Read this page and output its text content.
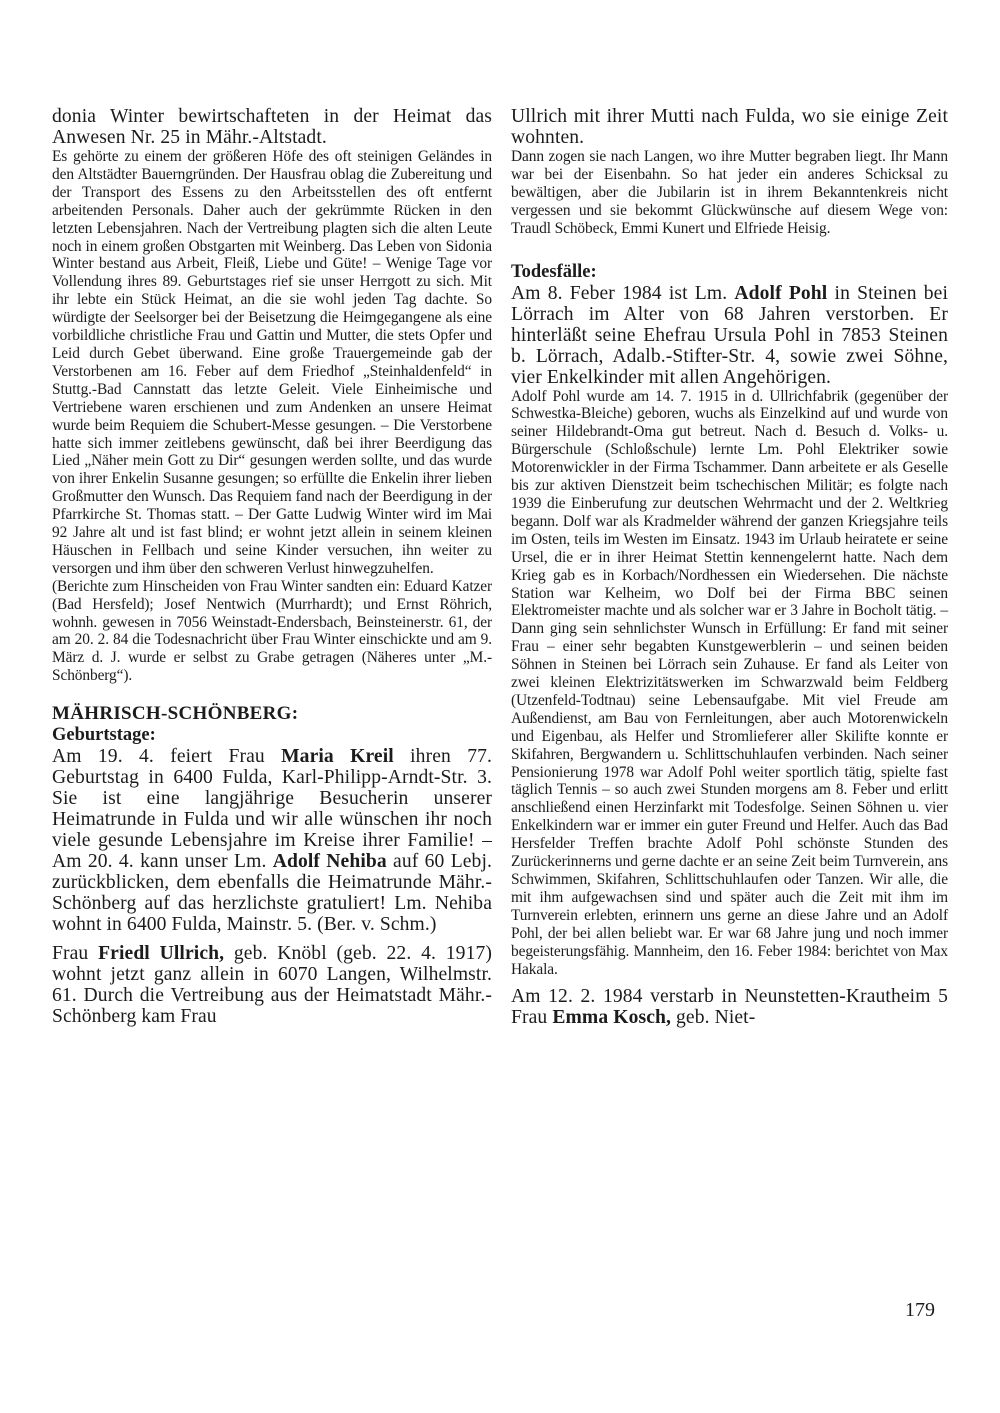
donia Winter bewirtschafteten in der Heimat das Anwesen Nr. 25 in Mähr.-Altstadt.

Es gehörte zu einem der größeren Höfe des oft steinigen Geländes in den Altstädter Bauerngründen. Der Hausfrau oblag die Zubereitung und der Transport des Essens zu den Arbeitsstellen des oft entfernt arbeitenden Personals. Daher auch der gekrümmte Rücken in den letzten Lebensjahren. Nach der Vertreibung plagten sich die alten Leute noch in einem großen Obstgarten mit Weinberg. Das Leben von Sidonia Winter bestand aus Arbeit, Fleiß, Liebe und Güte! – Wenige Tage vor Vollendung ihres 89. Geburtstages rief sie unser Herrgott zu sich. Mit ihr lebte ein Stück Heimat, an die sie wohl jeden Tag dachte. So würdigte der Seelsorger bei der Beisetzung die Heimgegangene als eine vorbildliche christliche Frau und Gattin und Mutter, die stets Opfer und Leid durch Gebet überwand. Eine große Trauergemeinde gab der Verstorbenen am 16. Feber auf dem Friedhof „Steinhaldenfeld“ in Stuttg.-Bad Cannstatt das letzte Geleit. Viele Einheimische und Vertriebene waren erschienen und zum Andenken an unsere Heimat wurde beim Requiem die Schubert-Messe gesungen. – Die Verstorbene hatte sich immer zeitlebens gewünscht, daß bei ihrer Beerdigung das Lied „Näher mein Gott zu Dir“ gesungen werden sollte, und das wurde von ihrer Enkelin Susanne gesungen; so erfüllte die Enkelin ihrer lieben Großmutter den Wunsch. Das Requiem fand nach der Beerdigung in der Pfarrkirche St. Thomas statt. – Der Gatte Ludwig Winter wird im Mai 92 Jahre alt und ist fast blind; er wohnt jetzt allein in seinem kleinen Häuschen in Fellbach und seine Kinder versuchen, ihn weiter zu versorgen und ihm über den schweren Verlust hinwegzuhelfen.

(Berichte zum Hinscheiden von Frau Winter sandten ein: Eduard Katzer (Bad Hersfeld); Josef Nentwich (Murrhardt); und Ernst Röhrich, wohnh. gewesen in 7056 Weinstadt-Endersbach, Beinsteinerstr. 61, der am 20. 2. 84 die Todesnachricht über Frau Winter einschickte und am 9. März d. J. wurde er selbst zu Grabe getragen (Näheres unter „M.-Schönberg“).

MÄHRISCH-SCHÖNBERG:

Geburtstage:

Am 19. 4. feiert Frau Maria Kreil ihren 77. Geburtstag in 6400 Fulda, Karl-Philipp-Arndt-Str. 3. Sie ist eine langjährige Besucherin unserer Heimatrunde in Fulda und wir alle wünschen ihr noch viele gesunde Lebensjahre im Kreise ihrer Familie! – Am 20. 4. kann unser Lm. Adolf Nehiba auf 60 Lebj. zurückblicken, dem ebenfalls die Heimatrunde Mähr.-Schönberg auf das herzlichste gratuliert! Lm. Nehiba wohnt in 6400 Fulda, Mainstr. 5. (Ber. v. Schm.)

Frau Friedl Ullrich, geb. Knöbl (geb. 22. 4. 1917) wohnt jetzt ganz allein in 6070 Langen, Wilhelmstr. 61. Durch die Vertreibung aus der Heimatstadt Mähr.-Schönberg kam Frau

Ullrich mit ihrer Mutti nach Fulda, wo sie einige Zeit wohnten.

Dann zogen sie nach Langen, wo ihre Mutter begraben liegt. Ihr Mann war bei der Eisenbahn. So hat jeder ein anderes Schicksal zu bewältigen, aber die Jubilarin ist in ihrem Bekanntenkreis nicht vergessen und sie bekommt Glückwünsche auf diesem Wege von: Traudl Schöbeck, Emmi Kunert und Elfriede Heisig.

Todesfälle:

Am 8. Feber 1984 ist Lm. Adolf Pohl in Steinen bei Lörrach im Alter von 68 Jahren verstorben. Er hinterläßt seine Ehefrau Ursula Pohl in 7853 Steinen b. Lörrach, Adalb.-Stifter-Str. 4, sowie zwei Söhne, vier Enkelkinder mit allen Angehörigen.

Adolf Pohl wurde am 14. 7. 1915 in d. Ullrichfabrik (gegenüber der Schwestka-Bleiche) geboren, wuchs als Einzelkind auf und wurde von seiner Hildebrandt-Oma gut betreut. Nach d. Besuch d. Volks- u. Bürgerschule (Schloßschule) lernte Lm. Pohl Elektriker sowie Motorenwickler in der Firma Tschammer. Dann arbeitete er als Geselle bis zur aktiven Dienstzeit beim tschechischen Militär; es folgte nach 1939 die Einberufung zur deutschen Wehrmacht und der 2. Weltkrieg begann. Dolf war als Kradmelder während der ganzen Kriegsjahre teils im Osten, teils im Westen im Einsatz. 1943 im Urlaub heiratete er seine Ursel, die er in ihrer Heimat Stettin kennengelernt hatte. Nach dem Krieg gab es in Korbach/Nordhessen ein Wiedersehen. Die nächste Station war Kelheim, wo Dolf bei der Firma BBC seinen Elektromeister machte und als solcher war er 3 Jahre in Bocholt tätig. – Dann ging sein sehnlichster Wunsch in Erfüllung: Er fand mit seiner Frau – einer sehr begabten Kunstgewerblerin – und seinen beiden Söhnen in Steinen bei Lörrach sein Zuhause. Er fand als Leiter von zwei kleinen Elektrizitätswerken im Schwarzwald beim Feldberg (Utzenfeld-Todtnau) seine Lebensaufgabe. Mit viel Freude am Außendienst, am Bau von Fernleitungen, aber auch Motorenwickeln und Eigenbau, als Helfer und Stromlieferer aller Skilifte konnte er Skifahren, Bergwandern u. Schlittschuhlaufen verbinden. Nach seiner Pensionierung 1978 war Adolf Pohl weiter sportlich tätig, spielte fast täglich Tennis – so auch zwei Stunden morgens am 8. Feber und erlitt anschließend einen Herzinfarkt mit Todesfolge. Seinen Söhnen u. vier Enkelkindern war er immer ein guter Freund und Helfer. Auch das Bad Hersfelder Treffen brachte Adolf Pohl schönste Stunden des Zurückerinnerns und gerne dachte er an seine Zeit beim Turnverein, ans Schwimmen, Skifahren, Schlittschuhlaufen oder Tanzen. Wir alle, die mit ihm aufgewachsen sind und später auch die Zeit mit ihm im Turnverein erlebten, erinnern uns gerne an diese Jahre und an Adolf Pohl, der bei allen beliebt war. Er war 68 Jahre jung und noch immer begeisterungsfähig. Mannheim, den 16. Feber 1984: berichtet von Max Hakala.

Am 12. 2. 1984 verstarb in Neunstetten-Krautheim 5 Frau Emma Kosch, geb. Niet-

179
